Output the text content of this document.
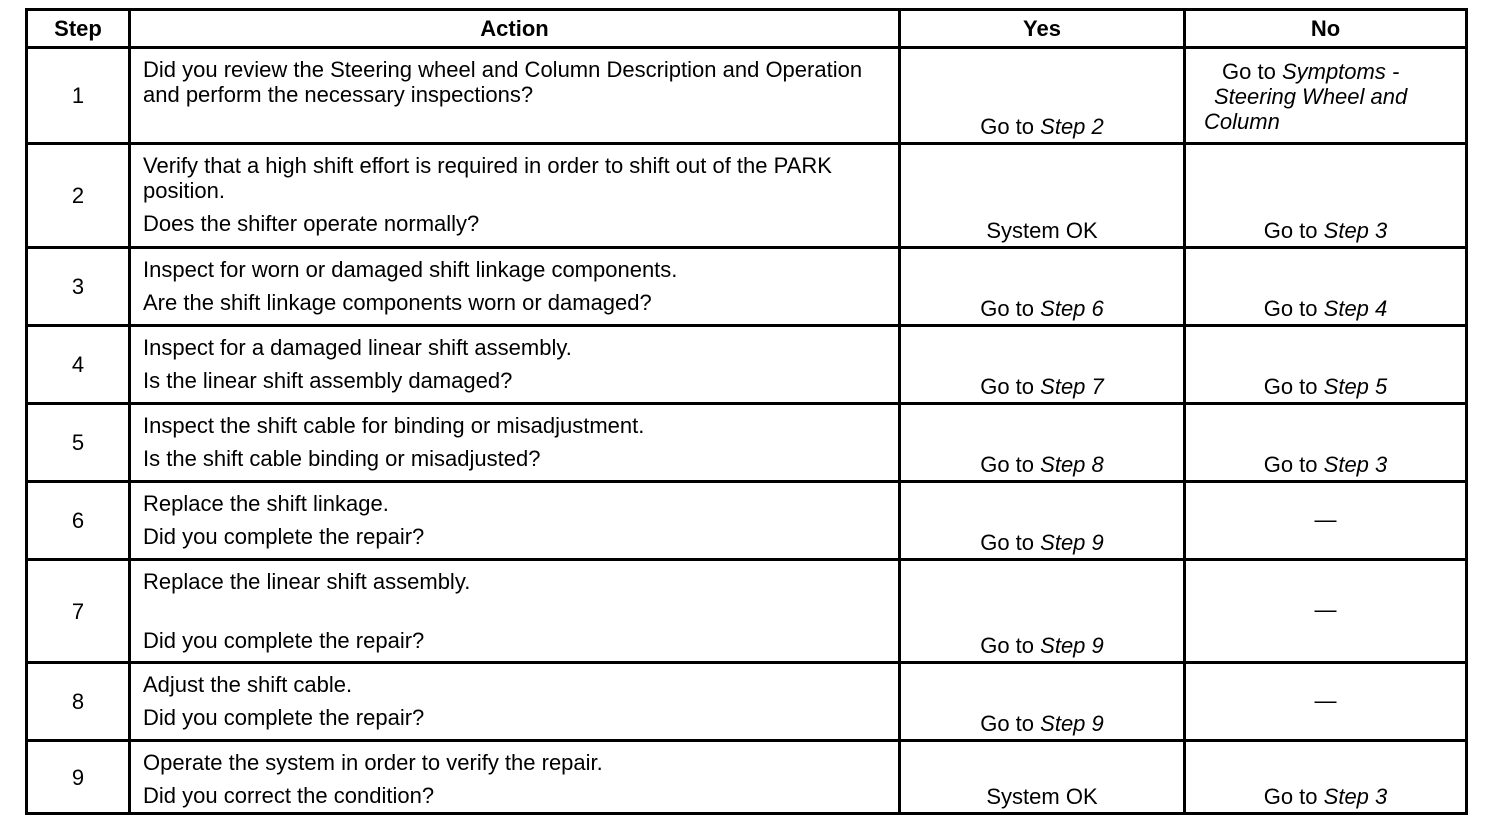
Step	Action	Yes	No
1	Did you review the Steering wheel and Column Description and Operation and perform the necessary inspections?	Go to Step 2	Go to Symptoms -
Steering Wheel and
Column

2	Verify that a high shift effort is required in order to shift out of the PARK position.
Does the shifter operate normally?	System OK	Go to Step 3
3	Inspect for worn or damaged shift linkage components.
Are the shift linkage components worn or damaged?	Go to Step 6	Go to Step 4
4	Inspect for a damaged linear shift assembly.
Is the linear shift assembly damaged?	Go to Step 7	Go to Step 5
5	Inspect the shift cable for binding or misadjustment.
Is the shift cable binding or misadjusted?	Go to Step 8	Go to Step 3
6	Replace the shift linkage.
Did you complete the repair?	Go to Step 9	—
7	Replace the linear shift assembly.
Did you complete the repair?	Go to Step 9	—
8	Adjust the shift cable.
Did you complete the repair?	Go to Step 9	—
9	Operate the system in order to verify the repair.
Did you correct the condition?	System OK	Go to Step 3
